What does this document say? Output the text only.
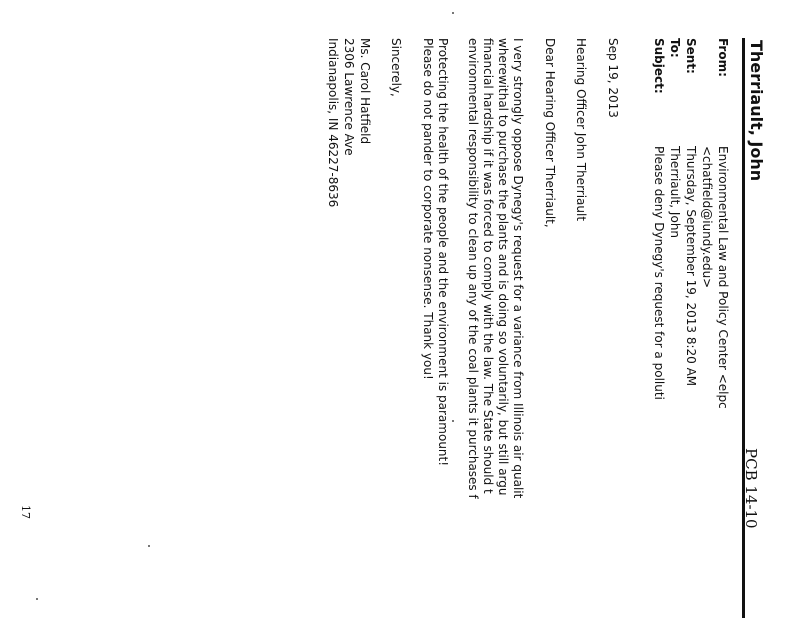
Therriault, John
PCB 14-10
From:
Environmental Law and Policy Center <elpc
<chatfield@iundy.edu>
Sent:
Thursday, September 19, 2013 8:20 AM
To:
Therriault, John
Subject:
Please deny Dynegy's request for a polluti
Sep 19, 2013
Hearing Officer John Therriault
Dear Hearing Officer Therriault,
I very strongly oppose Dynegy's request for a variance from Illinois air qualit
wherewithal to purchase the plants and is doing so voluntarily, but still argu
financial hardship if it was forced to comply with the law. The State should t
environmental responsibility to clean up any of the coal plants it purchases f
Protecting the health of the people and the environment is paramount!
Please do not pander to corporate nonsense. Thank you!
Sincerely,
Ms. Carol Hatfield
2306 Lawrence Ave
Indianapolis, IN 46227-8636
17
